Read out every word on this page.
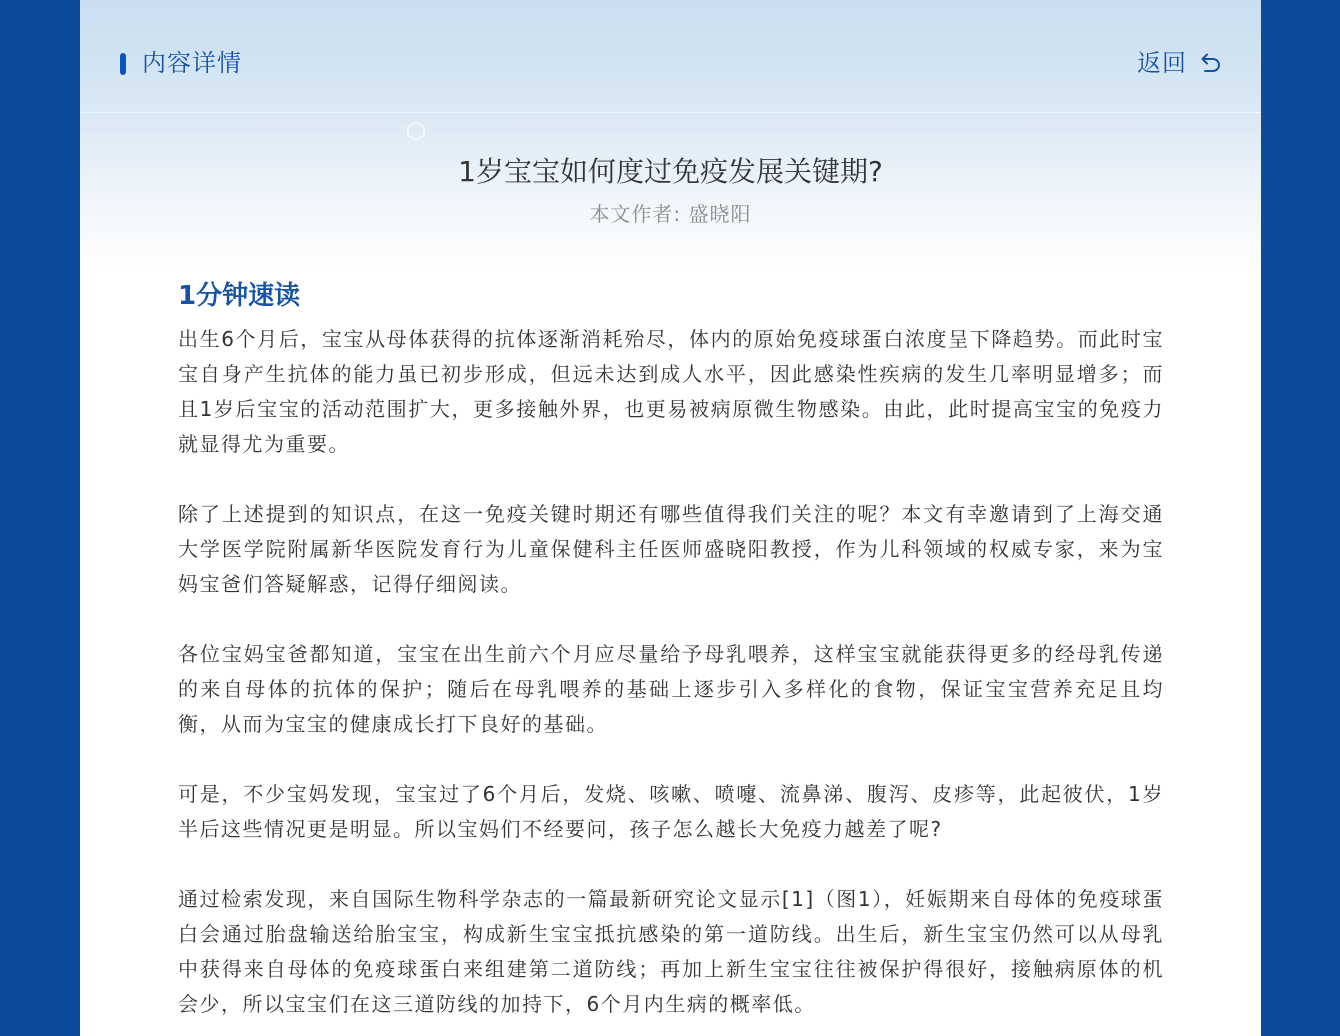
内容详情	返回
1岁宝宝如何度过免疫发展关键期?
本文作者: 盛晓阳
1分钟速读

出生6个月后，宝宝从母体获得的抗体逐渐消耗殆尽，体内的原始免疫球蛋白浓度呈下降趋势。而此时宝宝自身产生抗体的能力虽已初步形成，但远未达到成人水平，因此感染性疾病的发生几率明显增多；而且1岁后宝宝的活动范围扩大，更多接触外界，也更易被病原微生物感染。由此，此时提高宝宝的免疫力就显得尤为重要。

除了上述提到的知识点，在这一免疫关键时期还有哪些值得我们关注的呢？本文有幸邀请到了上海交通大学医学院附属新华医院发育行为儿童保健科主任医师盛晓阳教授，作为儿科领域的权威专家，来为宝妈宝爸们答疑解惑，记得仔细阅读。

各位宝妈宝爸都知道，宝宝在出生前六个月应尽量给予母乳喂养，这样宝宝就能获得更多的经母乳传递的来自母体的抗体的保护；随后在母乳喂养的基础上逐步引入多样化的食物，保证宝宝营养充足且均衡，从而为宝宝的健康成长打下良好的基础。

可是，不少宝妈发现，宝宝过了6个月后，发烧、咳嗽、喷嚏、流鼻涕、腹泻、皮疹等，此起彼伏，1岁半后这些情况更是明显。所以宝妈们不经要问，孩子怎么越长大免疫力越差了呢?

通过检索发现，来自国际生物科学杂志的一篇最新研究论文显示[1]（图1），妊娠期来自母体的免疫球蛋白会通过胎盘输送给胎宝宝，构成新生宝宝抵抗感染的第一道防线。出生后，新生宝宝仍然可以从母乳中获得来自母体的免疫球蛋白来组建第二道防线；再加上新生宝宝往往被保护得很好，接触病原体的机会少，所以宝宝们在这三道防线的加持下，6个月内生病的概率低。
